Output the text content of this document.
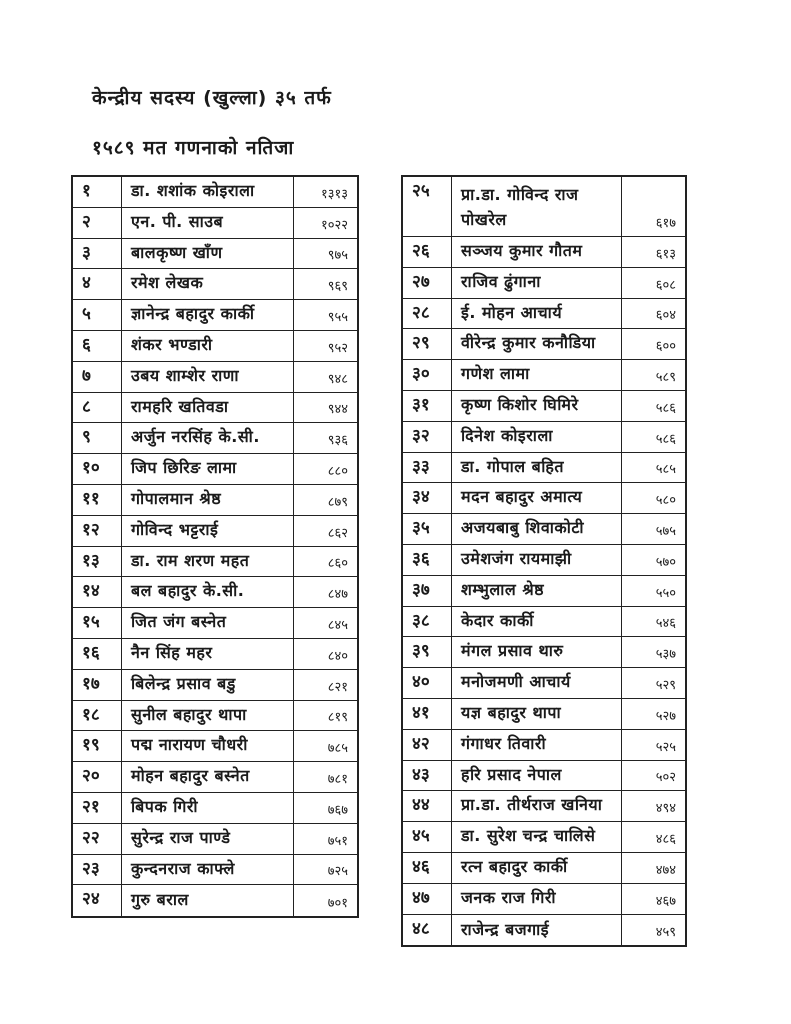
केन्द्रीय सदस्य (खुल्ला) ३५ तर्फ
१५८९ मत गणनाको नतिजा
१	डा. शशांक कोइराला	१३१३
२	एन. पी. साउब	१०२२
३	बालकृष्ण खाँण	९७५
४	रमेश लेखक	९६९
५	ज्ञानेन्द्र बहादुर कार्की	९५५
६	शंकर भण्डारी	९५२
७	उबय शाम्शेर राणा	९४८
८	रामहरि खतिवडा	९४४
९	अर्जुन नरसिंह के.सी.	९३६
१०	जिप छिरिङ लामा	८८०
११	गोपालमान श्रेष्ठ	८७९
१२	गोविन्द भट्टराई	८६२
१३	डा. राम शरण महत	८६०
१४	बल बहादुर के.सी.	८४७
१५	जित जंग बस्नेत	८४५
१६	नैन सिंह महर	८४०
१७	बिलेन्द्र प्रसाव बडु	८२१
१८	सुनील बहादुर थापा	८१९
१९	पद्म नारायण चौधरी	७८५
२०	मोहन बहादुर बस्नेत	७८१
२१	बिपक गिरी	७६७
२२	सुरेन्द्र राज पाण्डे	७५१
२३	कुन्दनराज काफ्ले	७२५
२४	गुरु बराल	७०१
२५	प्रा.डा. गोविन्द राज पोखरेल	६१७
२६	सञ्जय कुमार गौतम	६१३
२७	राजिव ढुंगाना	६०८
२८	ई. मोहन आचार्य	६०४
२९	वीरेन्द्र कुमार कनौडिया	६००
३०	गणेश लामा	५८९
३१	कृष्ण किशोर घिमिरे	५८६
३२	दिनेश कोइराला	५८६
३३	डा. गोपाल बहित	५८५
३४	मदन बहादुर अमात्य	५८०
३५	अजयबाबु शिवाकोटी	५७५
३६	उमेशजंग रायमाझी	५७०
३७	शम्भुलाल श्रेष्ठ	५५०
३८	केदार कार्की	५४६
३९	मंगल प्रसाव थारु	५३७
४०	मनोजमणी आचार्य	५२९
४१	यज्ञ बहादुर थापा	५२७
४२	गंगाधर तिवारी	५२५
४३	हरि प्रसाद नेपाल	५०२
४४	प्रा.डा. तीर्थराज खनिया	४९४
४५	डा. सुरेश चन्द्र चालिसे	४८६
४६	रत्न बहादुर कार्की	४७४
४७	जनक राज गिरी	४६७
४८	राजेन्द्र बजगाई	४५९
